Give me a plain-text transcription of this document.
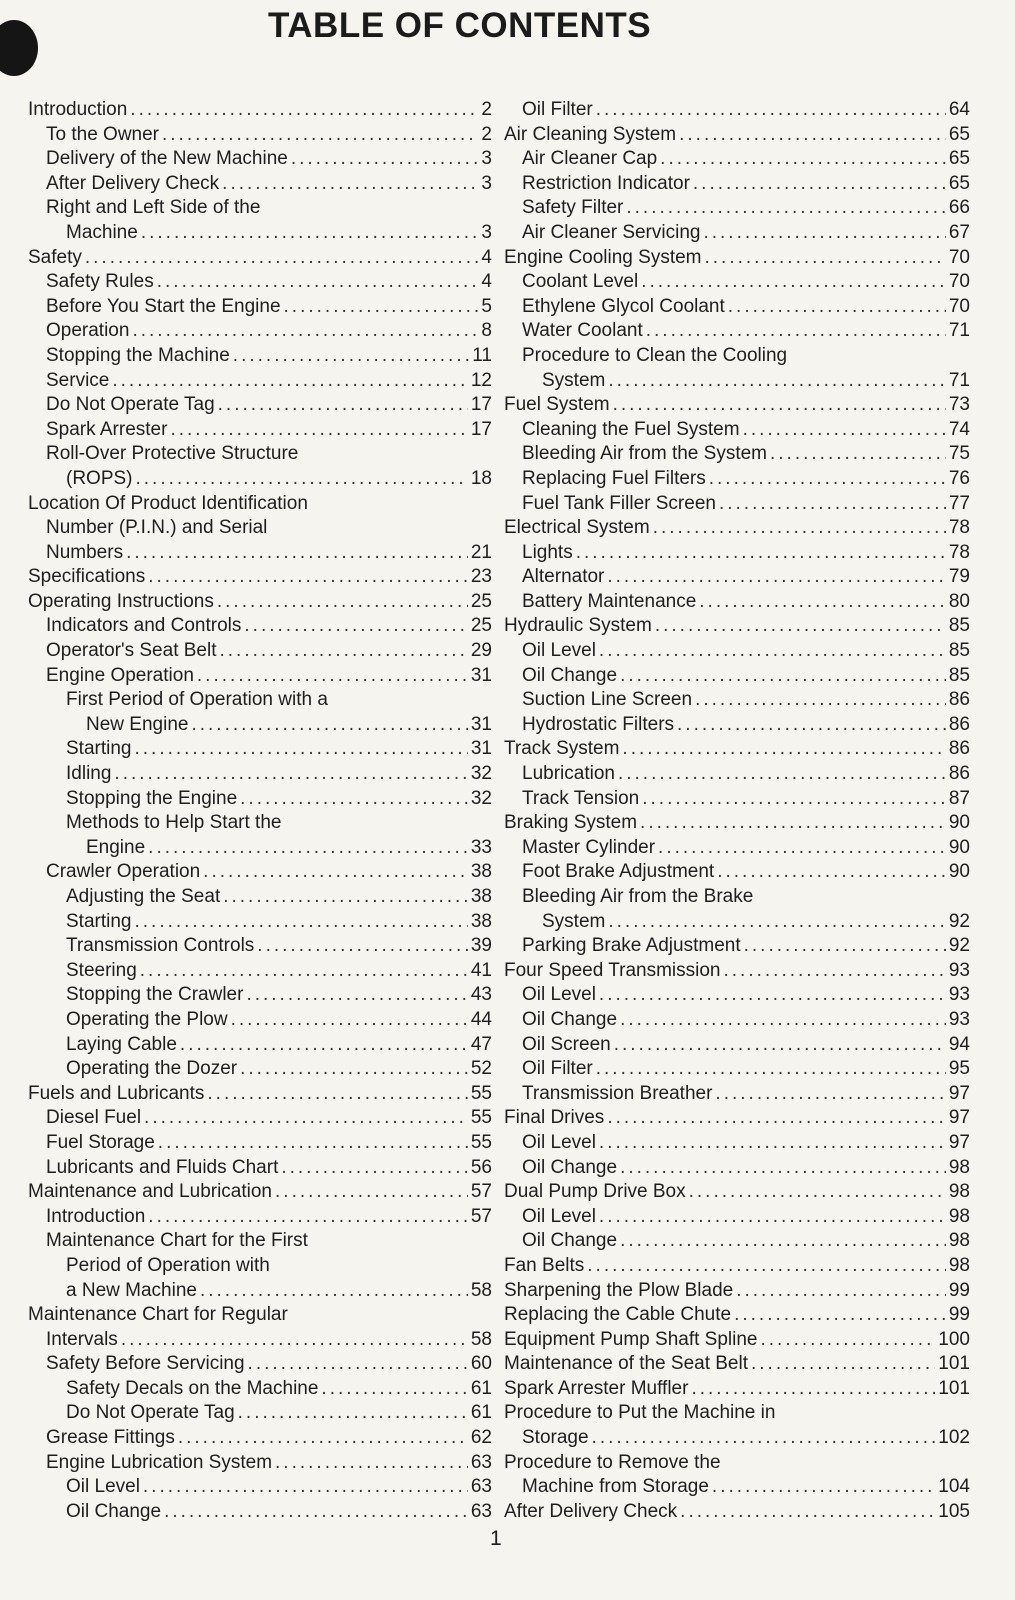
TABLE OF CONTENTS
Introduction .....	2
To the Owner .....	2
Delivery of the New Machine .....	3
After Delivery Check .....	3
Right and Left Side of the
Machine .....	3
Safety .....	4
Safety Rules .....	4
Before You Start the Engine .....	5
Operation .....	8
Stopping the Machine .....	11
Service .....	12
Do Not Operate Tag .....	17
Spark Arrester .....	17
Roll-Over Protective Structure
(ROPS) .....	18
Location Of Product Identification
Number (P.I.N.) and Serial
Numbers .....	21
Specifications .....	23
Operating Instructions .....	25
Indicators and Controls .....	25
Operator's Seat Belt .....	29
Engine Operation .....	31
First Period of Operation with a
New Engine .....	31
Starting .....	31
Idling .....	32
Stopping the Engine .....	32
Methods to Help Start the
Engine .....	33
Crawler Operation .....	38
Adjusting the Seat .....	38
Starting .....	38
Transmission Controls .....	39
Steering .....	41
Stopping the Crawler .....	43
Operating the Plow .....	44
Laying Cable .....	47
Operating the Dozer .....	52
Fuels and Lubricants .....	55
Diesel Fuel .....	55
Fuel Storage .....	55
Lubricants and Fluids Chart .....	56
Maintenance and Lubrication .....	57
Introduction .....	57
Maintenance Chart for the First
Period of Operation with
a New Machine .....	58
Maintenance Chart for Regular
Intervals .....	58
Safety Before Servicing .....	60
Safety Decals on the Machine .....	61
Do Not Operate Tag .....	61
Grease Fittings .....	62
Engine Lubrication System .....	63
Oil Level .....	63
Oil Change .....	63
Oil Filter .....	64
Air Cleaning System .....	65
Air Cleaner Cap .....	65
Restriction Indicator .....	65
Safety Filter .....	66
Air Cleaner Servicing .....	67
Engine Cooling System .....	70
Coolant Level .....	70
Ethylene Glycol Coolant .....	70
Water Coolant .....	71
Procedure to Clean the Cooling
System .....	71
Fuel System .....	73
Cleaning the Fuel System .....	74
Bleeding Air from the System .....	75
Replacing Fuel Filters .....	76
Fuel Tank Filler Screen .....	77
Electrical System .....	78
Lights .....	78
Alternator .....	79
Battery Maintenance .....	80
Hydraulic System .....	85
Oil Level .....	85
Oil Change .....	85
Suction Line Screen .....	86
Hydrostatic Filters .....	86
Track System .....	86
Lubrication .....	86
Track Tension .....	87
Braking System .....	90
Master Cylinder .....	90
Foot Brake Adjustment .....	90
Bleeding Air from the Brake
System .....	92
Parking Brake Adjustment .....	92
Four Speed Transmission .....	93
Oil Level .....	93
Oil Change .....	93
Oil Screen .....	94
Oil Filter .....	95
Transmission Breather .....	97
Final Drives .....	97
Oil Level .....	97
Oil Change .....	98
Dual Pump Drive Box .....	98
Oil Level .....	98
Oil Change .....	98
Fan Belts .....	98
Sharpening the Plow Blade .....	99
Replacing the Cable Chute .....	99
Equipment Pump Shaft Spline .....	100
Maintenance of the Seat Belt .....	101
Spark Arrester Muffler .....	101
Procedure to Put the Machine in
Storage .....	102
Procedure to Remove the
Machine from Storage .....	104
After Delivery Check .....	105
1
